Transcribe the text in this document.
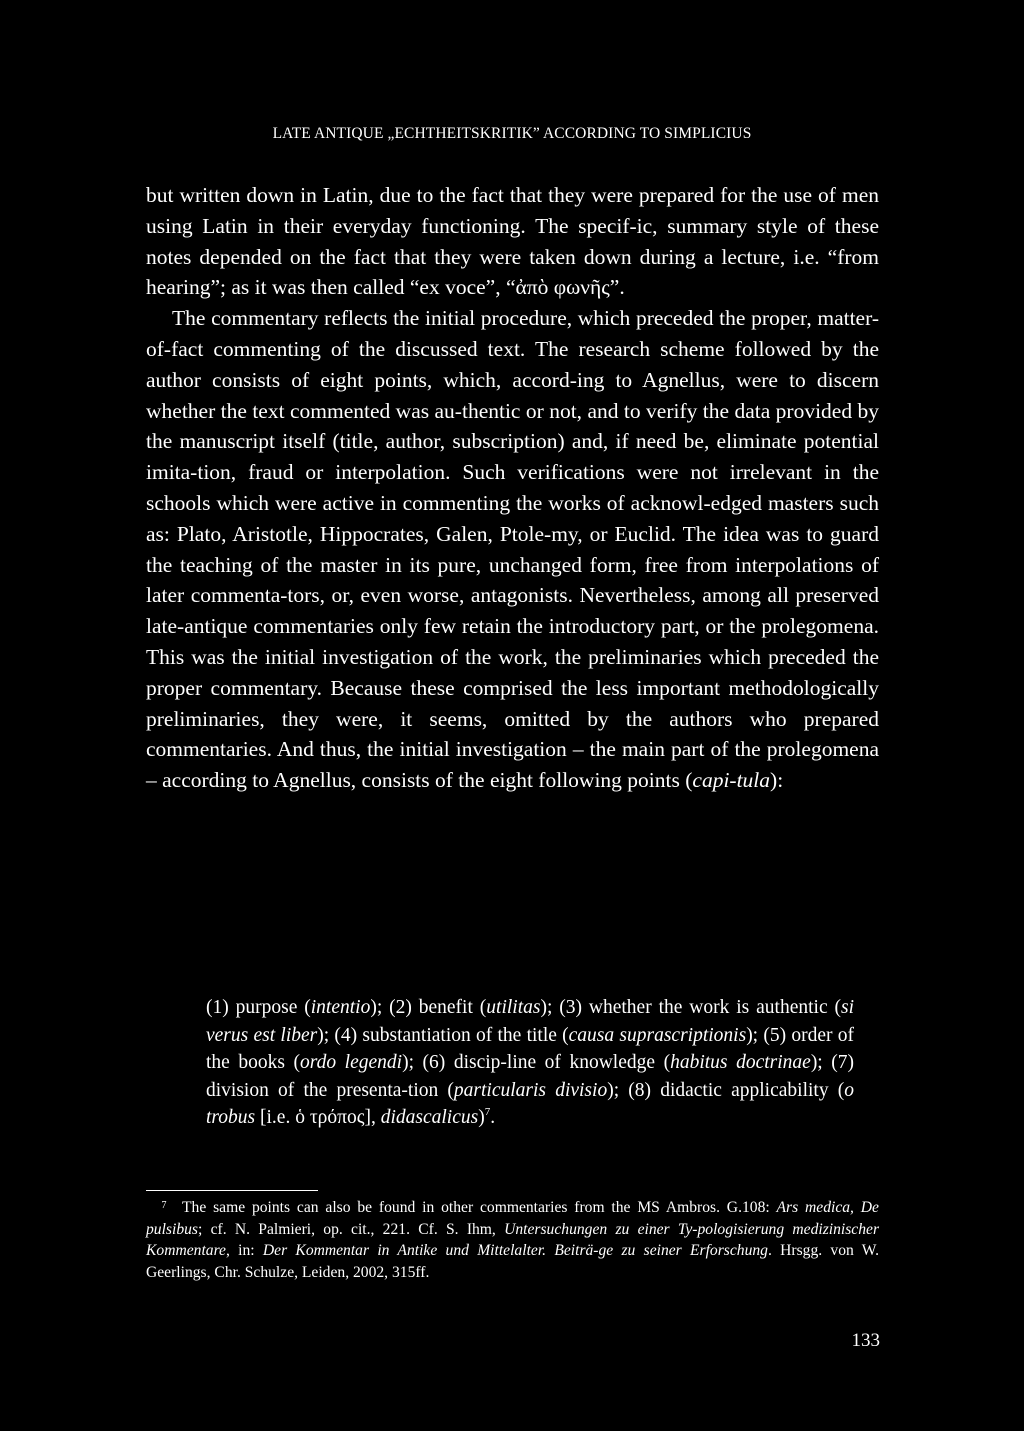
LATE ANTIQUE „ECHTHEITSKRITIK” ACCORDING TO SIMPLICIUS

but written down in Latin, due to the fact that they were prepared for the use of men using Latin in their everyday functioning. The specif-ic, summary style of these notes depended on the fact that they were taken down during a lecture, i.e. “from hearing”; as it was then called “ex voce”, “ἀπὸ φωνῆς”.

The commentary reflects the initial procedure, which preceded the proper, matter-of-fact commenting of the discussed text. The research scheme followed by the author consists of eight points, which, accord-ing to Agnellus, were to discern whether the text commented was au-thentic or not, and to verify the data provided by the manuscript itself (title, author, subscription) and, if need be, eliminate potential imita-tion, fraud or interpolation. Such verifications were not irrelevant in the schools which were active in commenting the works of acknowl-edged masters such as: Plato, Aristotle, Hippocrates, Galen, Ptole-my, or Euclid. The idea was to guard the teaching of the master in its pure, unchanged form, free from interpolations of later commenta-tors, or, even worse, antagonists. Nevertheless, among all preserved late-antique commentaries only few retain the introductory part, or the prolegomena. This was the initial investigation of the work, the preliminaries which preceded the proper commentary. Because these comprised the less important methodologically preliminaries, they were, it seems, omitted by the authors who prepared commentaries. And thus, the initial investigation – the main part of the prolegomena – according to Agnellus, consists of the eight following points (capi-tula):

(1) purpose (intentio); (2) benefit (utilitas); (3) whether the work is authentic (si verus est liber); (4) substantiation of the title (causa suprascriptionis); (5) order of the books (ordo legendi); (6) discip-line of knowledge (habitus doctrinae); (7) division of the presenta-tion (particularis divisio); (8) didactic applicability (o trobus [i.e. ὁ τρόπος], didascalicus)$^7$.
7 The same points can also be found in other commentaries from the MS Ambros. G.108: Ars medica, De pulsibus; cf. N. Palmieri, op. cit., 221. Cf. S. Ihm, Untersuchungen zu einer Ty-pologisierung medizinischer Kommentare, in: Der Kommentar in Antike und Mittelalter. Beiträ-ge zu seiner Erforschung. Hrsgg. von W. Geerlings, Chr. Schulze, Leiden, 2002, 315ff.
133
